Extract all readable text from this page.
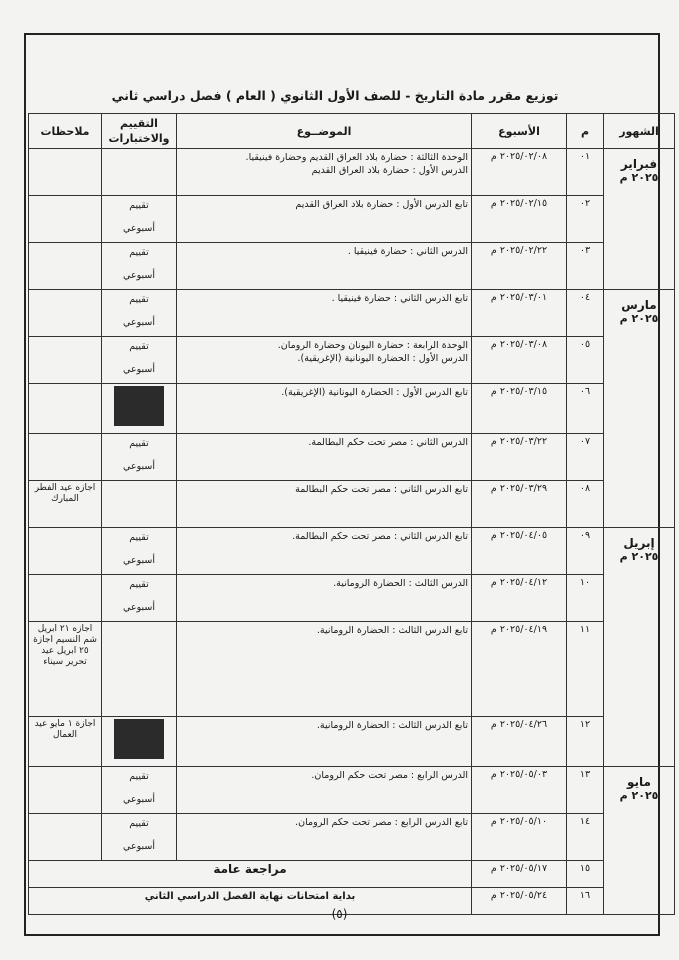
توزيع مقرر مادة التاريخ - للصف الأول الثانوي ( العام ) فصل دراسي ثاني
الشهور	م	الأسبوع	الموضــوع	التقييم والاختبارات	ملاحظات

فبراير
٢٠٢٥ م	٠١	٢٠٢٥/٠٢/٠٨ م	الوحدة الثالثة : حضارة بلاد العراق القديم وحضارة فينيقيا.
الدرس الأول : حضارة بلاد العراق القديم		

	٠٢	٢٠٢٥/٠٢/١٥ م	تابع الدرس الأول : حضارة بلاد العراق القديم	تقييم
أسبوعي	

	٠٣	٢٠٢٥/٠٢/٢٢ م	الدرس الثاني : حضارة فينيقيا .	تقييم
أسبوعي	

مارس
٢٠٢٥ م	٠٤	٢٠٢٥/٠٣/٠١ م	تابع الدرس الثاني : حضارة فينيقيا .	تقييم
أسبوعي	

	٠٥	٢٠٢٥/٠٣/٠٨ م	الوحدة الرابعة : حضارة اليونان وحضارة الرومان.
الدرس الأول : الحضارة اليونانية (الإغريقية).	تقييم
أسبوعي	

	٠٦	٢٠٢٥/٠٣/١٥ م	تابع الدرس الأول : الحضارة اليونانية (الإغريقية).		

	٠٧	٢٠٢٥/٠٣/٢٢ م	الدرس الثاني : مصر تحت حكم البطالمة.	تقييم
أسبوعي	

	٠٨	٢٠٢٥/٠٣/٢٩ م	تابع الدرس الثاني : مصر تحت حكم البطالمة		اجازه عيد الفطر المبارك

إبريل
٢٠٢٥ م	٠٩	٢٠٢٥/٠٤/٠٥ م	تابع الدرس الثاني : مصر تحت حكم البطالمة.	تقييم
أسبوعي	

	١٠	٢٠٢٥/٠٤/١٢ م	الدرس الثالث : الحضارة الرومانية.	تقييم
أسبوعي	

	١١	٢٠٢٥/٠٤/١٩ م	تابع الدرس الثالث : الحضارة الرومانية.		اجازه ٢١ ابريل شم النسيم اجازة ٢٥ ابريل عيد تحرير سيناء
	١٢	٢٠٢٥/٠٤/٢٦ م	تابع الدرس الثالث : الحضارة الرومانية.		اجازة ١ مايو عيد العمال

مايو
٢٠٢٥ م	١٣	٢٠٢٥/٠٥/٠٣ م	الدرس الرابع : مصر تحت حكم الرومان.	تقييم
أسبوعي	

	١٤	٢٠٢٥/٠٥/١٠ م	تابع الدرس الرابع : مصر تحت حكم الرومان.	تقييم
أسبوعي	

	١٥	٢٠٢٥/٠٥/١٧ م	مراجعة عامة		
	١٦	٢٠٢٥/٠٥/٢٤ م	بداية امتحانات نهاية الفصل الدراسي الثاني		
(٥)
